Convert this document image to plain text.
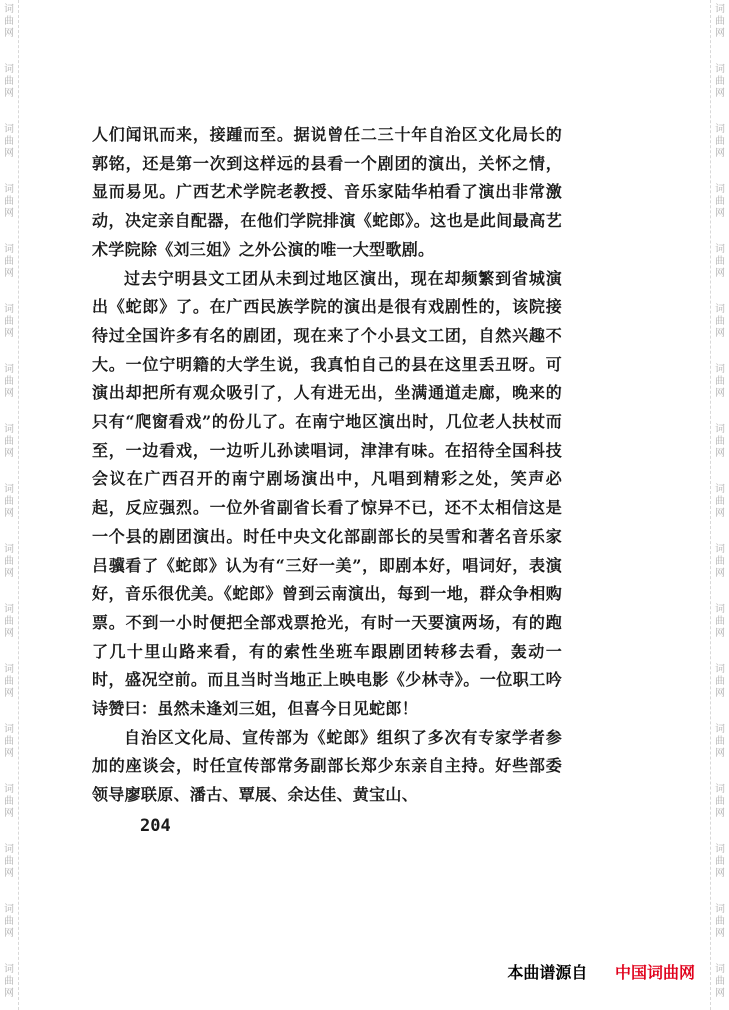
词
曲
网
词
曲
网
词
曲
网
词
曲
网
词
曲
网
词
曲
网
词
曲
网
词
曲
网
词
曲
网
词
曲
网
词
曲
网
词
曲
网
词
曲
网
词
曲
网
词
曲
网
词
曲
网
词
曲
网
词
曲
网
词
曲
网
词
曲
网
词
曲
网
词
曲
网
词
曲
网
词
曲
网
词
曲
网
词
曲
网
词
曲
网
词
曲
网
词
曲
网
词
曲
网
词
曲
网
词
曲
网
词
曲
网
词
曲
网

人们闻讯而来，接踵而至。据说曾任二三十年自治区文化局长的郭铭，还是第一次到这样远的县看一个剧团的演出，关怀之情，显而易见。广西艺术学院老教授、音乐家陆华柏看了演出非常激动，决定亲自配器，在他们学院排演《蛇郎》。这也是此间最高艺术学院除《刘三姐》之外公演的唯一大型歌剧。

过去宁明县文工团从未到过地区演出，现在却频繁到省城演出《蛇郎》了。在广西民族学院的演出是很有戏剧性的，该院接待过全国许多有名的剧团，现在来了个小县文工团，自然兴趣不大。一位宁明籍的大学生说，我真怕自己的县在这里丢丑呀。可演出却把所有观众吸引了，人有进无出，坐满通道走廊，晚来的只有“爬窗看戏”的份儿了。在南宁地区演出时，几位老人扶杖而至，一边看戏，一边听儿孙读唱词，津津有味。在招待全国科技会议在广西召开的南宁剧场演出中，凡唱到精彩之处，笑声必起，反应强烈。一位外省副省长看了惊异不已，还不太相信这是一个县的剧团演出。时任中央文化部副部长的吴雪和著名音乐家吕骥看了《蛇郎》认为有“三好一美”，即剧本好，唱词好，表演好，音乐很优美。《蛇郎》曾到云南演出，每到一地，群众争相购票。不到一小时便把全部戏票抢光，有时一天要演两场，有的跑了几十里山路来看，有的索性坐班车跟剧团转移去看，轰动一时，盛况空前。而且当时当地正上映电影《少林寺》。一位职工吟诗赞曰：虽然未逢刘三姐，但喜今日见蛇郎！

自治区文化局、宣传部为《蛇郎》组织了多次有专家学者参加的座谈会，时任宣传部常务副部长郑少东亲自主持。好些部委领导廖联原、潘古、覃展、余达佳、黄宝山、

204
本曲谱源自 中国词曲网
